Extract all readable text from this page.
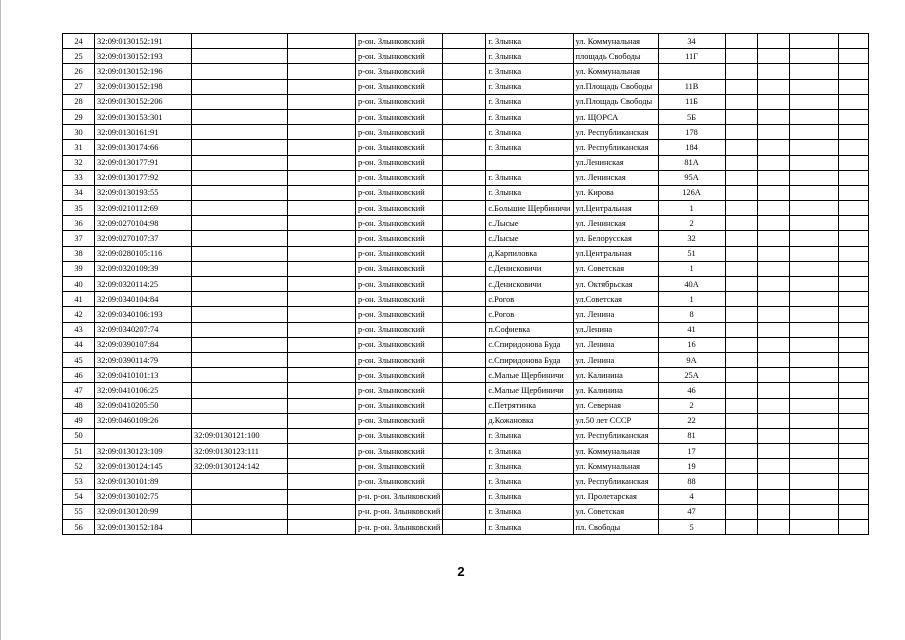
24	32:09:0130152:191			р-он. Злынковский		г. Злынка	ул. Коммунальная	34				
25	32:09:0130152:193			р-он. Злынковский		г. Злынка	площадь Свободы	11Г				
26	32:09:0130152:196			р-он. Злынковский		г. Злынка	ул. Коммунальная					
27	32:09:0130152:198			р-он. Злынковский		г. Злынка	ул.Площадь Свободы	11В				
28	32:09:0130152:206			р-он. Злынковский		г. Злынка	ул.Площадь Свободы	11Б				
29	32:09:0130153:301			р-он. Злынковский		г. Злынка	ул. ЩОРСА	5Б				
30	32:09:0130161:91			р-он. Злынковский		г. Злынка	ул. Республиканская	178				
31	32:09:0130174:66			р-он. Злынковский		г. Злынка	ул. Республиканская	184				
32	32:09:0130177:91			р-он. Злынковский			ул.Ленинская	81А				
33	32:09:0130177:92			р-он. Злынковский		г. Злынка	ул. Ленинская	95А				
34	32:09:0130193:55			р-он. Злынковский		г. Злынка	ул. Кирова	126А				
35	32:09:0210112:69			р-он. Злынковский		с.Большие Щербиничи	ул.Центральная	1				
36	32:09:0270104:98			р-он. Злынковский		с.Лысые	ул. Ленинская	2				
37	32:09:0270107:37			р-он. Злынковский		с.Лысые	ул. Белорусская	32				
38	32:09:0280105:116			р-он. Злынковский		д.Карпиловка	ул.Центральная	51				
39	32:09:0320109:39			р-он. Злынковский		с.Денисковичи	ул. Советская	1				
40	32:09:0320114:25			р-он. Злынковский		с.Денисковичи	ул. Октябрьская	40А				
41	32:09:0340104:84			р-он. Злынковский		с.Рогов	ул.Советская	1				
42	32:09:0340106:193			р-он. Злынковский		с.Рогов	ул. Ленина	8				
43	32:09:0340207:74			р-он. Злынковский		п.Софиевка	ул.Ленина	41				
44	32:09:0390107:84			р-он. Злынковский		с.Спиридонова Буда	ул. Ленина	16				
45	32:09:0390114:79			р-он. Злынковский		с.Спиридонова Буда	ул. Ленина	9А				
46	32:09:0410101:13			р-он. Злынковский		с.Малые Щербиничи	ул. Калинина	25А				
47	32:09:0410106:25			р-он. Злынковский		с.Малые Щербиничи	ул. Калинина	46				
48	32:09:0410205:50			р-он. Злынковский		с.Петрятинка	ул. Северная	2				
49	32:09:0460109:26			р-он. Злынковский		д.Кожановка	ул.50 лет СССР	22				
50		32:09:0130121:100		р-он. Злынковский		г. Злынка	ул. Республиканская	81				
51	32:09:0130123:109	32:09:0130123:111		р-он. Злынковский		г. Злынка	ул. Коммунальная	17				
52	32:09:0130124:145	32:09:0130124:142		р-он. Злынковский		г. Злынка	ул. Коммунальная	19				
53	32:09:0130101:89			р-он. Злынковский		г. Злынка	ул. Республиканская	88				
54	32:09:0130102:75			р-н. р-он. Злынковский		г. Злынка	ул. Пролетарская	4				
55	32:09:0130120:99			р-н. р-он. Злынковский		г. Злынка	ул. Советская	47				
56	32:09:0130152:184			р-н. р-он. Злынковский		г. Злынка	пл. Свободы	5				
2
